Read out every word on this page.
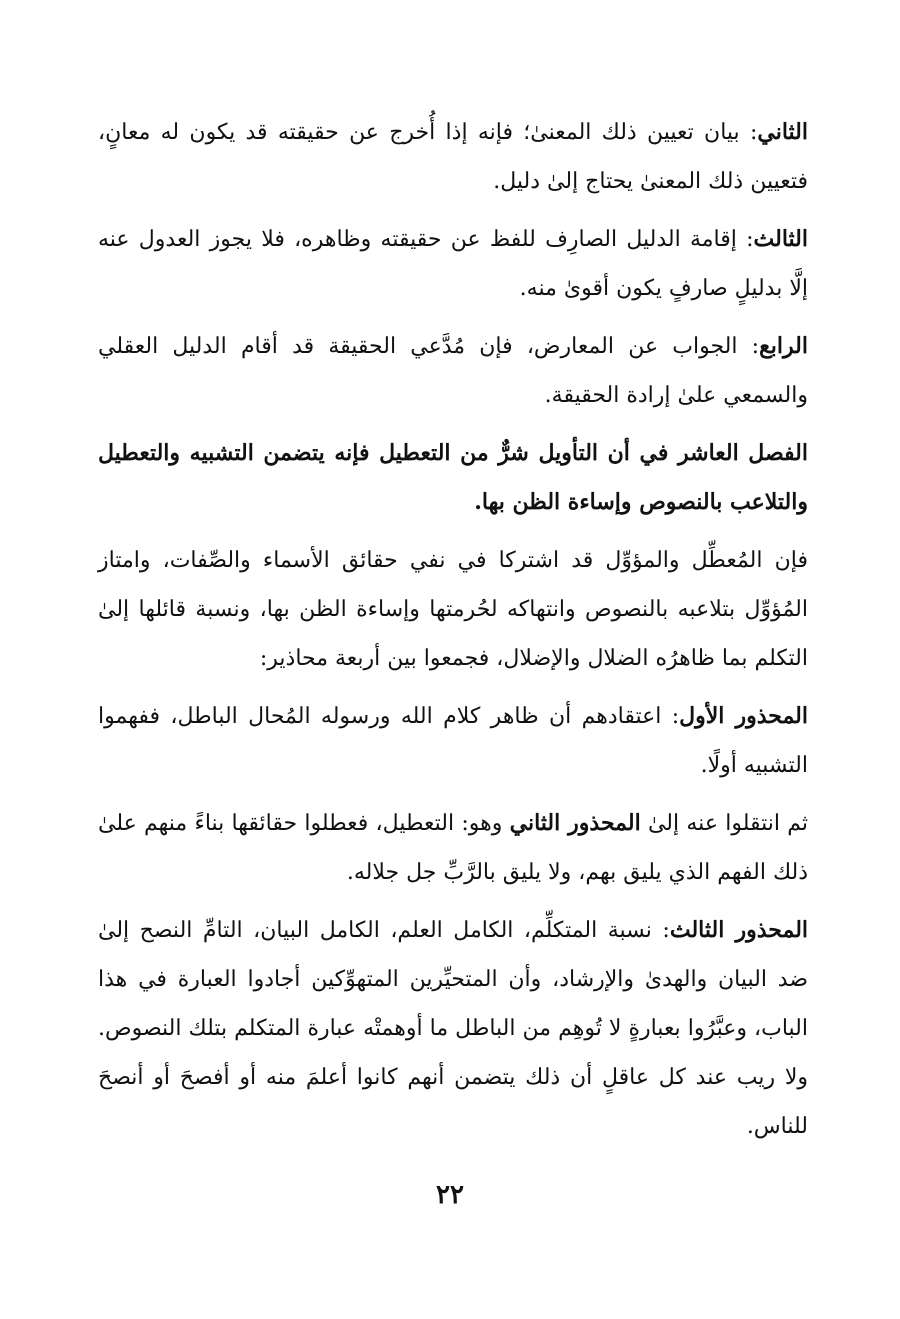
الثاني: بيان تعيين ذلك المعنىٰ؛ فإنه إذا أُخرج عن حقيقته قد يكون له معانٍ، فتعيين ذلك المعنىٰ يحتاج إلىٰ دليل.

الثالث: إقامة الدليل الصارِف للفظ عن حقيقته وظاهره، فلا يجوز العدول عنه إلَّا بدليلٍ صارفٍ يكون أقوىٰ منه.

الرابع: الجواب عن المعارض، فإن مُدَّعي الحقيقة قد أقام الدليل العقلي والسمعي علىٰ إرادة الحقيقة.

الفصل العاشر في أن التأويل شرٌّ من التعطيل فإنه يتضمن التشبيه والتعطيل والتلاعب بالنصوص وإساءة الظن بها.

فإن المُعطِّل والمؤوِّل قد اشتركا في نفي حقائق الأسماء والصِّفات، وامتاز المُؤوِّل بتلاعبه بالنصوص وانتهاكه لحُرمتها وإساءة الظن بها، ونسبة قائلها إلىٰ التكلم بما ظاهرُه الضلال والإضلال، فجمعوا بين أربعة محاذير:

المحذور الأول: اعتقادهم أن ظاهر كلام الله ورسوله المُحال الباطل، ففهموا التشبيه أولًا.

ثم انتقلوا عنه إلىٰ المحذور الثاني وهو: التعطيل، فعطلوا حقائقها بناءً منهم علىٰ ذلك الفهم الذي يليق بهم، ولا يليق بالرَّبِّ جل جلاله.

المحذور الثالث: نسبة المتكلِّم، الكامل العلم، الكامل البيان، التامِّ النصح إلىٰ ضد البيان والهدىٰ والإرشاد، وأن المتحيِّرين المتهوِّكين أجادوا العبارة في هذا الباب، وعبَّرُوا بعبارةٍ لا تُوهِم من الباطل ما أوهمتْه عبارة المتكلم بتلك النصوص. ولا ريب عند كل عاقلٍ أن ذلك يتضمن أنهم كانوا أعلمَ منه أو أفصحَ أو أنصحَ للناس.

٢٢
